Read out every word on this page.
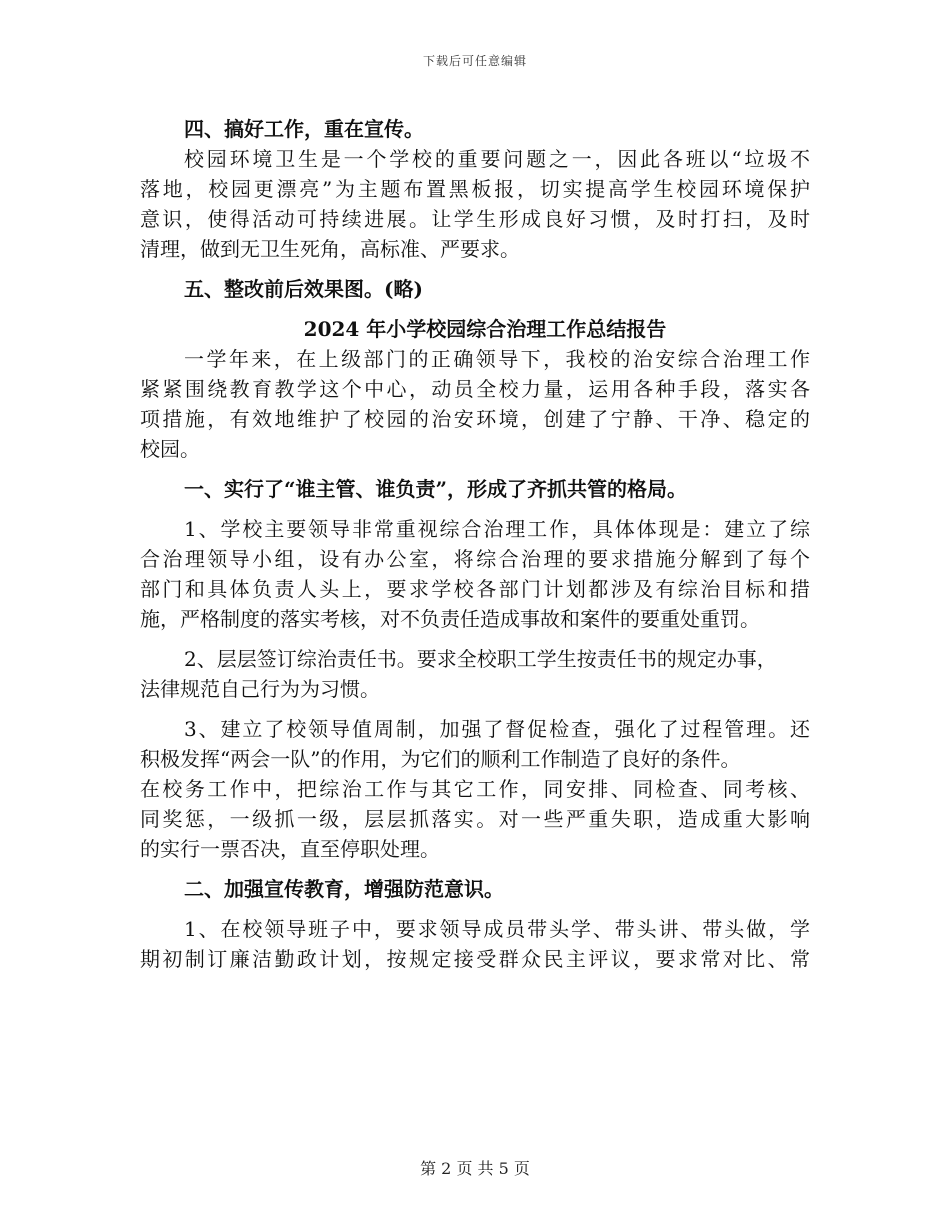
下载后可任意编辑
四、搞好工作，重在宣传。
校园环境卫生是一个学校的重要问题之一，因此各班以“垃圾不
落地，校园更漂亮”为主题布置黑板报，切实提高学生校园环境保护
意识，使得活动可持续进展。让学生形成良好习惯，及时打扫，及时
清理，做到无卫生死角，高标准、严要求。
五、整改前后效果图。(略)
2024 年小学校园综合治理工作总结报告
一学年来，在上级部门的正确领导下，我校的治安综合治理工作
紧紧围绕教育教学这个中心，动员全校力量，运用各种手段，落实各
项措施，有效地维护了校园的治安环境，创建了宁静、干净、稳定的
校园。
一、实行了“谁主管、谁负责”，形成了齐抓共管的格局。
1、学校主要领导非常重视综合治理工作，具体体现是：建立了综
合治理领导小组，设有办公室，将综合治理的要求措施分解到了每个
部门和具体负责人头上，要求学校各部门计划都涉及有综治目标和措
施，严格制度的落实考核，对不负责任造成事故和案件的要重处重罚。
2、层层签订综治责任书。要求全校职工学生按责任书的规定办事，
法律规范自己行为为习惯。
3、建立了校领导值周制，加强了督促检查，强化了过程管理。还
积极发挥“两会一队”的作用，为它们的顺利工作制造了良好的条件。
在校务工作中，把综治工作与其它工作，同安排、同检查、同考核、
同奖惩，一级抓一级，层层抓落实。对一些严重失职，造成重大影响
的实行一票否决，直至停职处理。
二、加强宣传教育，增强防范意识。
1、在校领导班子中，要求领导成员带头学、带头讲、带头做，学
期初制订廉洁勤政计划，按规定接受群众民主评议，要求常对比、常
第 2 页 共 5 页
